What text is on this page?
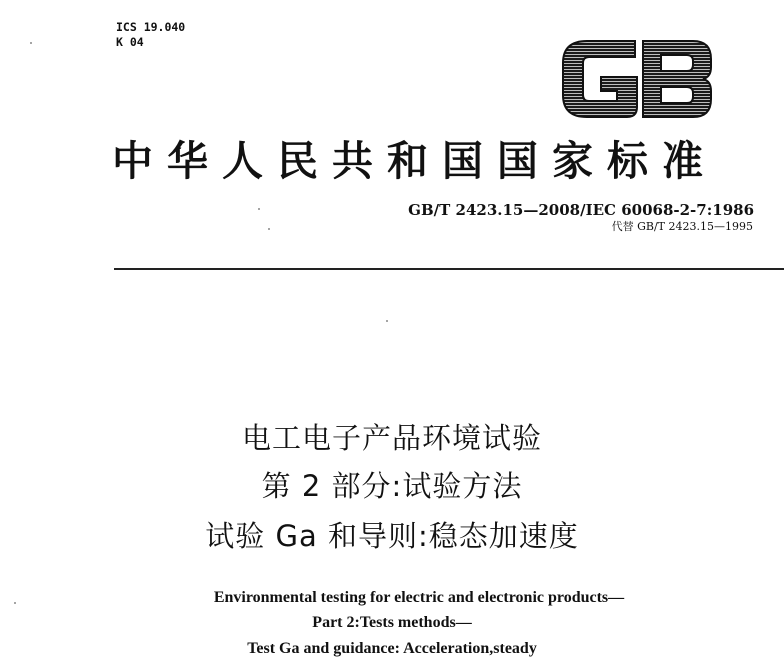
ICS 19.040
K 04
中华人民共和国国家标准
GB/T 2423.15—2008/IEC 60068-2-7:1986
代替 GB/T 2423.15—1995
电工电子产品环境试验
第 2 部分:试验方法
试验 Ga 和导则:稳态加速度
Environmental testing for electric and electronic products—
Part 2:Tests methods—
Test Ga and guidance: Acceleration,steady
